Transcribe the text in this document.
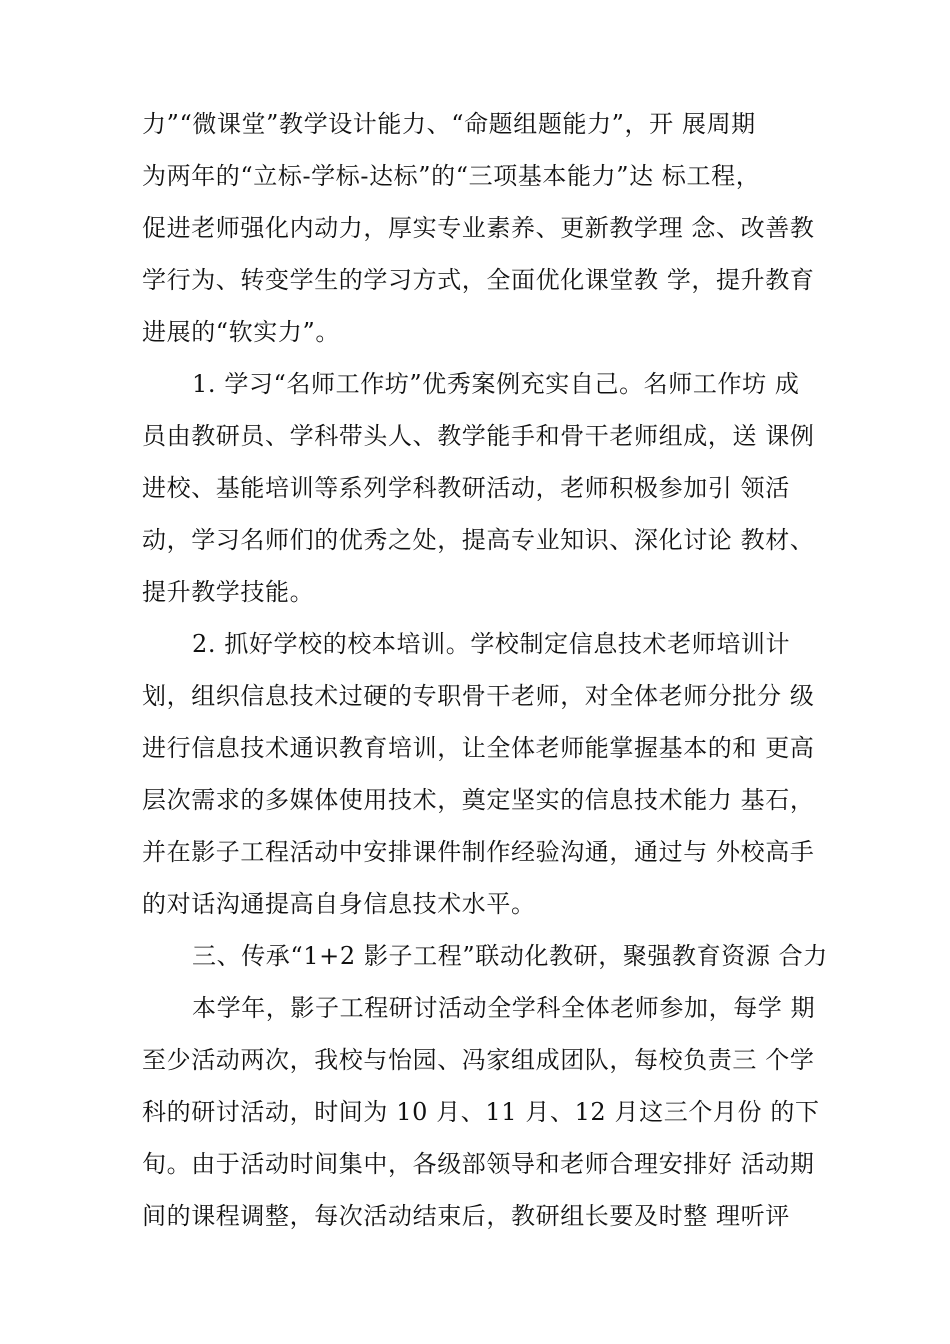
力”“微课堂”教学设计能力、“命题组题能力”，开 展周期
为两年的“立标-学标-达标”的“三项基本能力”达 标工程，
促进老师强化内动力，厚实专业素养、更新教学理 念、改善教
学行为、转变学生的学习方式，全面优化课堂教 学，提升教育
进展的“软实力”。
1. 学习“名师工作坊”优秀案例充实自己。名师工作坊 成
员由教研员、学科带头人、教学能手和骨干老师组成，送 课例
进校、基能培训等系列学科教研活动，老师积极参加引 领活
动，学习名师们的优秀之处，提高专业知识、深化讨论 教材、
提升教学技能。
2. 抓好学校的校本培训。学校制定信息技术老师培训计
划，组织信息技术过硬的专职骨干老师，对全体老师分批分 级
进行信息技术通识教育培训，让全体老师能掌握基本的和 更高
层次需求的多媒体使用技术，奠定坚实的信息技术能力 基石，
并在影子工程活动中安排课件制作经验沟通，通过与 外校高手
的对话沟通提高自身信息技术水平。
三、传承“1+2 影子工程”联动化教研，聚强教育资源 合力
本学年，影子工程研讨活动全学科全体老师参加，每学 期
至少活动两次，我校与怡园、冯家组成团队，每校负责三 个学
科的研讨活动，时间为 10 月、11 月、12 月这三个月份 的下
旬。由于活动时间集中，各级部领导和老师合理安排好 活动期
间的课程调整，每次活动结束后，教研组长要及时整 理听评
